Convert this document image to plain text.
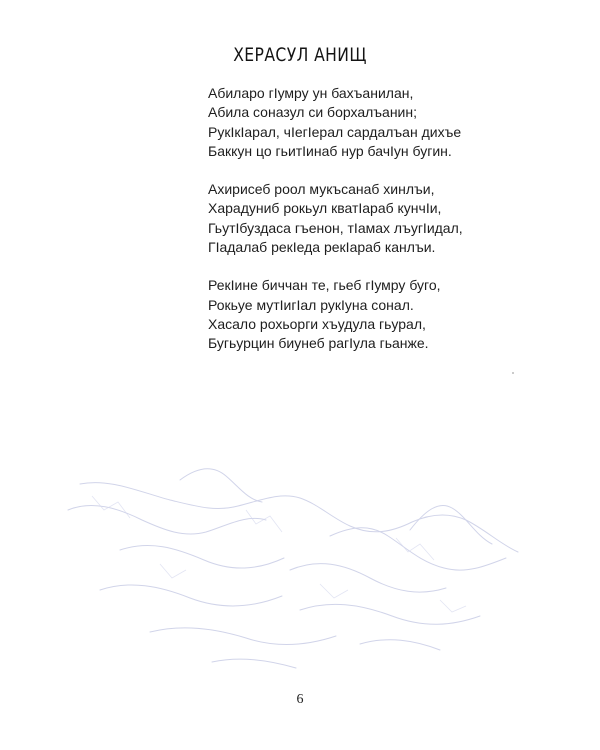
ХЕРАСУЛ АНИЩ
Абиларо гІумру ун бахъанилан,
Абила соназул си борхалъанин;
РукІкІарал, чІегІерал сардалъан дихъе
Баккун цо гьитІинаб нур бачІун бугин.
Ахирисеб роол мукъсанаб хинлъи,
Харадуниб рокьул кватІараб кунчІи,
ГьутІбуздаса гъенон, тІамах лъугІидал,
ГІадалаб рекІеда рекІараб канлъи.
РекІине биччан те, гьеб гІумру буго,
Рокьуе мутІигІал рукІуна сонал.
Хасало рохьорги хъудула гьурал,
Бугьурцин биунеб рагІула гьанже.
6
